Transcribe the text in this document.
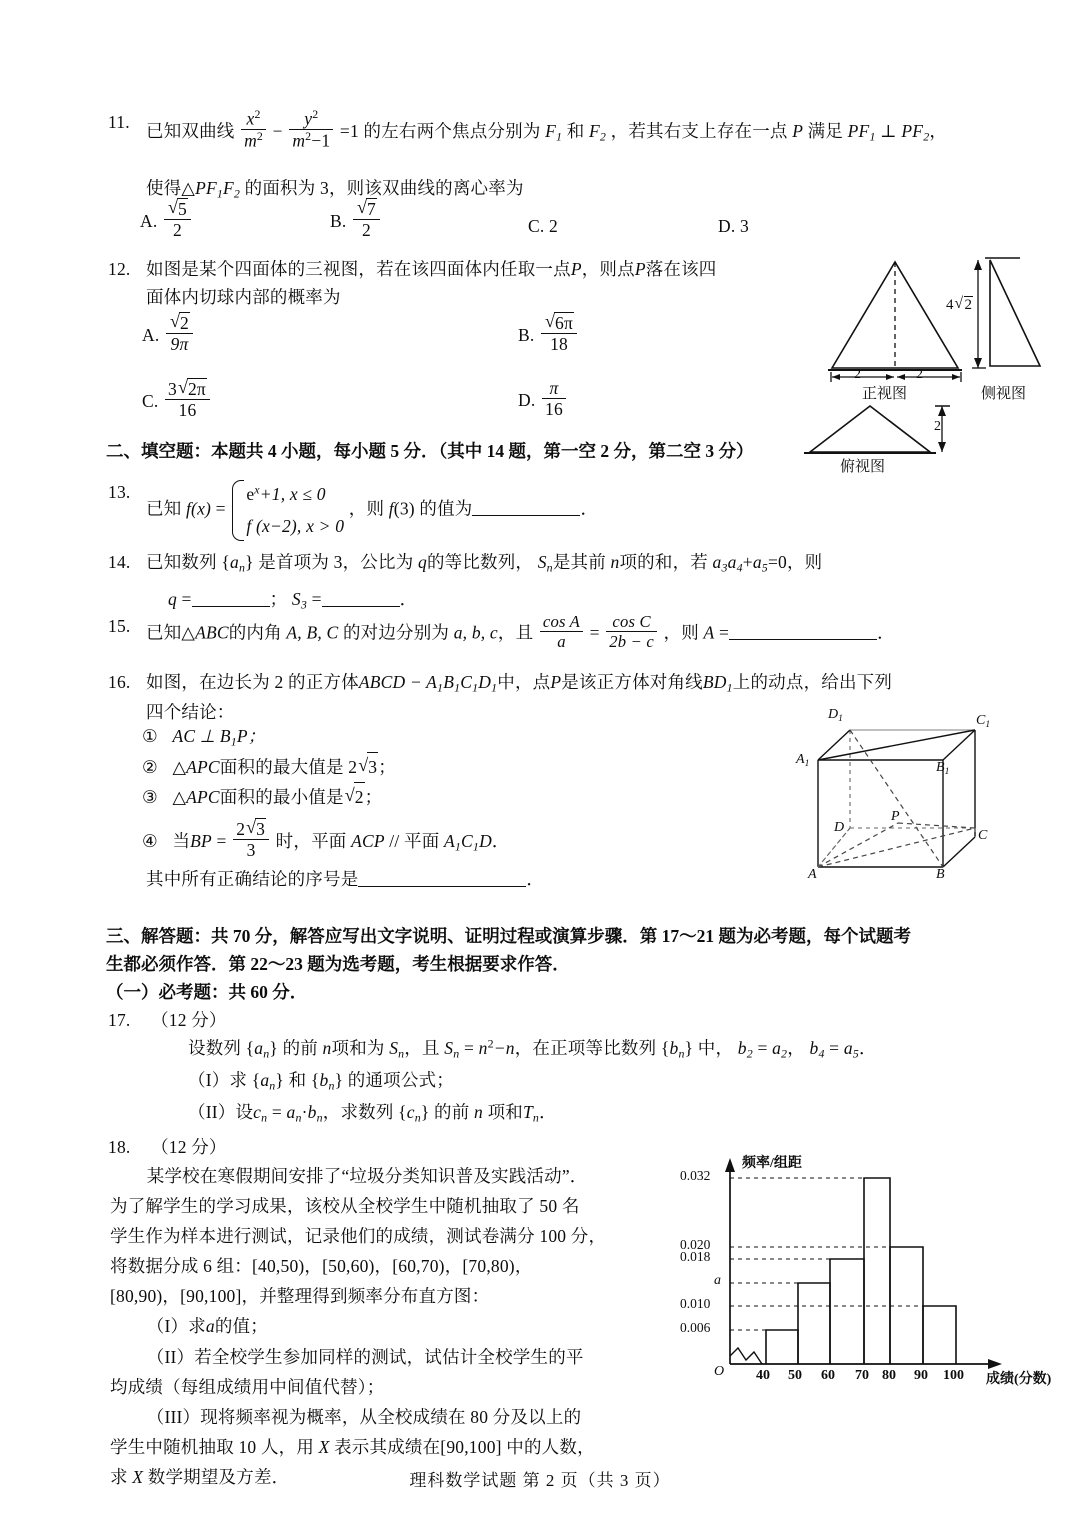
11. 已知双曲线 $\frac{x^2}{m^2} - \frac{y^2}{m^2-1} =1$ 的左右两个焦点分别为 $F_1$ 和 $F_2$ ，若其右支上存在一点 P 满足 $PF_1$ ⊥ $PF_2$，
使得$\triangle PF_1F_2$ 的面积为 3，则该双曲线的离心率为
A. √ $\frac{5}{2}$	B. √ $\frac{7}{2}$	C. 2	D. 3
12. 如图是某个四面体的三视图，若在该四面体内任取一点P，则点P落在该四
面体内切球内部的概率为
A. √ $\frac{2}{9\pi}$	B. √ $\frac{6\pi}{18}$
C. $\frac{3 √ 2\pi}{16}$	D. $\frac{\pi}{16}$
2	2
4 √ 2
2
正视图	侧视图
俯视图
二、填空题：本题共 4 小题，每小题 5 分．（其中 14 题，第一空 2 分，第二空 3 分）
13.
已知 f(x) =
$e^x+1$, x ≤ 0
f (x−2), x > 0
，则 f(3) 的值为	．
14. 已知数列 $\{a_n\}$ 是首项为 3，公比为 q的等比数列， $S_n$是其前 n项的和，若 $a_3a_4+a_5=0$，则
q =	； $S_3$ =	．
15. 已知△ABC的内角 A, B, C 的对边分别为 a, b, c，且 $\frac{\text{cos A}}{a} = \frac{\text{cos C}}{2b - c}$ ，则 A =	．
16. 如图，在边长为 2 的正方体ABCD − $A_1B_1C_1D_1$中，点P是该正方体对角线$BD_1$上的动点，给出下列
四个结论：
① AC ⊥ $B_1P$；
② △APC面积的最大值是 2 √ 3；
③ △APC面积的最小值是 √ 2；
④ 当BP = $\frac{2 √ 3}{3}$ 时，平面 ACP // 平面 $A_1C_1D$．
其中所有正确结论的序号是	．
$D_1$	$C_1$
$A_1$	$B_1$
D
P
C
A	B
三、解答题：共 70 分，解答应写出文字说明、证明过程或演算步骤．第 17～21 题为必考题，每个试题考
生都必须作答．第 22～23 题为选考题，考生根据要求作答．
（一）必考题：共 60 分．
17. （12 分）
设数列 $\{a_n\}$ 的前 n项和为 $S_n$，且 $S_n = n^2-n$，在正项等比数列 $\{b_n\}$ 中， $b_2 = a_2$， $b_4 = a_5$．
（I）求 $\{a_n\}$ 和 $\{b_n\}$ 的通项公式；
（II）设$c_n = a_n\cdot b_n$，求数列 $\{c_n\}$ 的前 n 项和$T_n$．
18. （12 分）
某学校在寒假期间安排了“垃圾分类知识普及实践活动”．
为了解学生的学习成果，该校从全校学生中随机抽取了 50 名
学生作为样本进行测试，记录他们的成绩，测试卷满分 100 分，
将数据分成 6 组：[40,50)，[50,60)，[60,70)，[70,80)，
[80,90)，[90,100]，并整理得到频率分布直方图：
（I）求a的值；
（II）若全校学生参加同样的测试，试估计全校学生的平
均成绩（每组成绩用中间值代替）；
（III）现将频率视为概率，从全校成绩在 80 分及以上的
学生中随机抽取 10 人，用 X 表示其成绩在[90,100] 中的人数，
求 X 数学期望及方差．
0.032
0.020
0.018
a
0.010
0.006
频率/组距
O 40 50 60 70 80 90 100 成绩(分数)
理科数学试题 第 2 页（共 3 页）
